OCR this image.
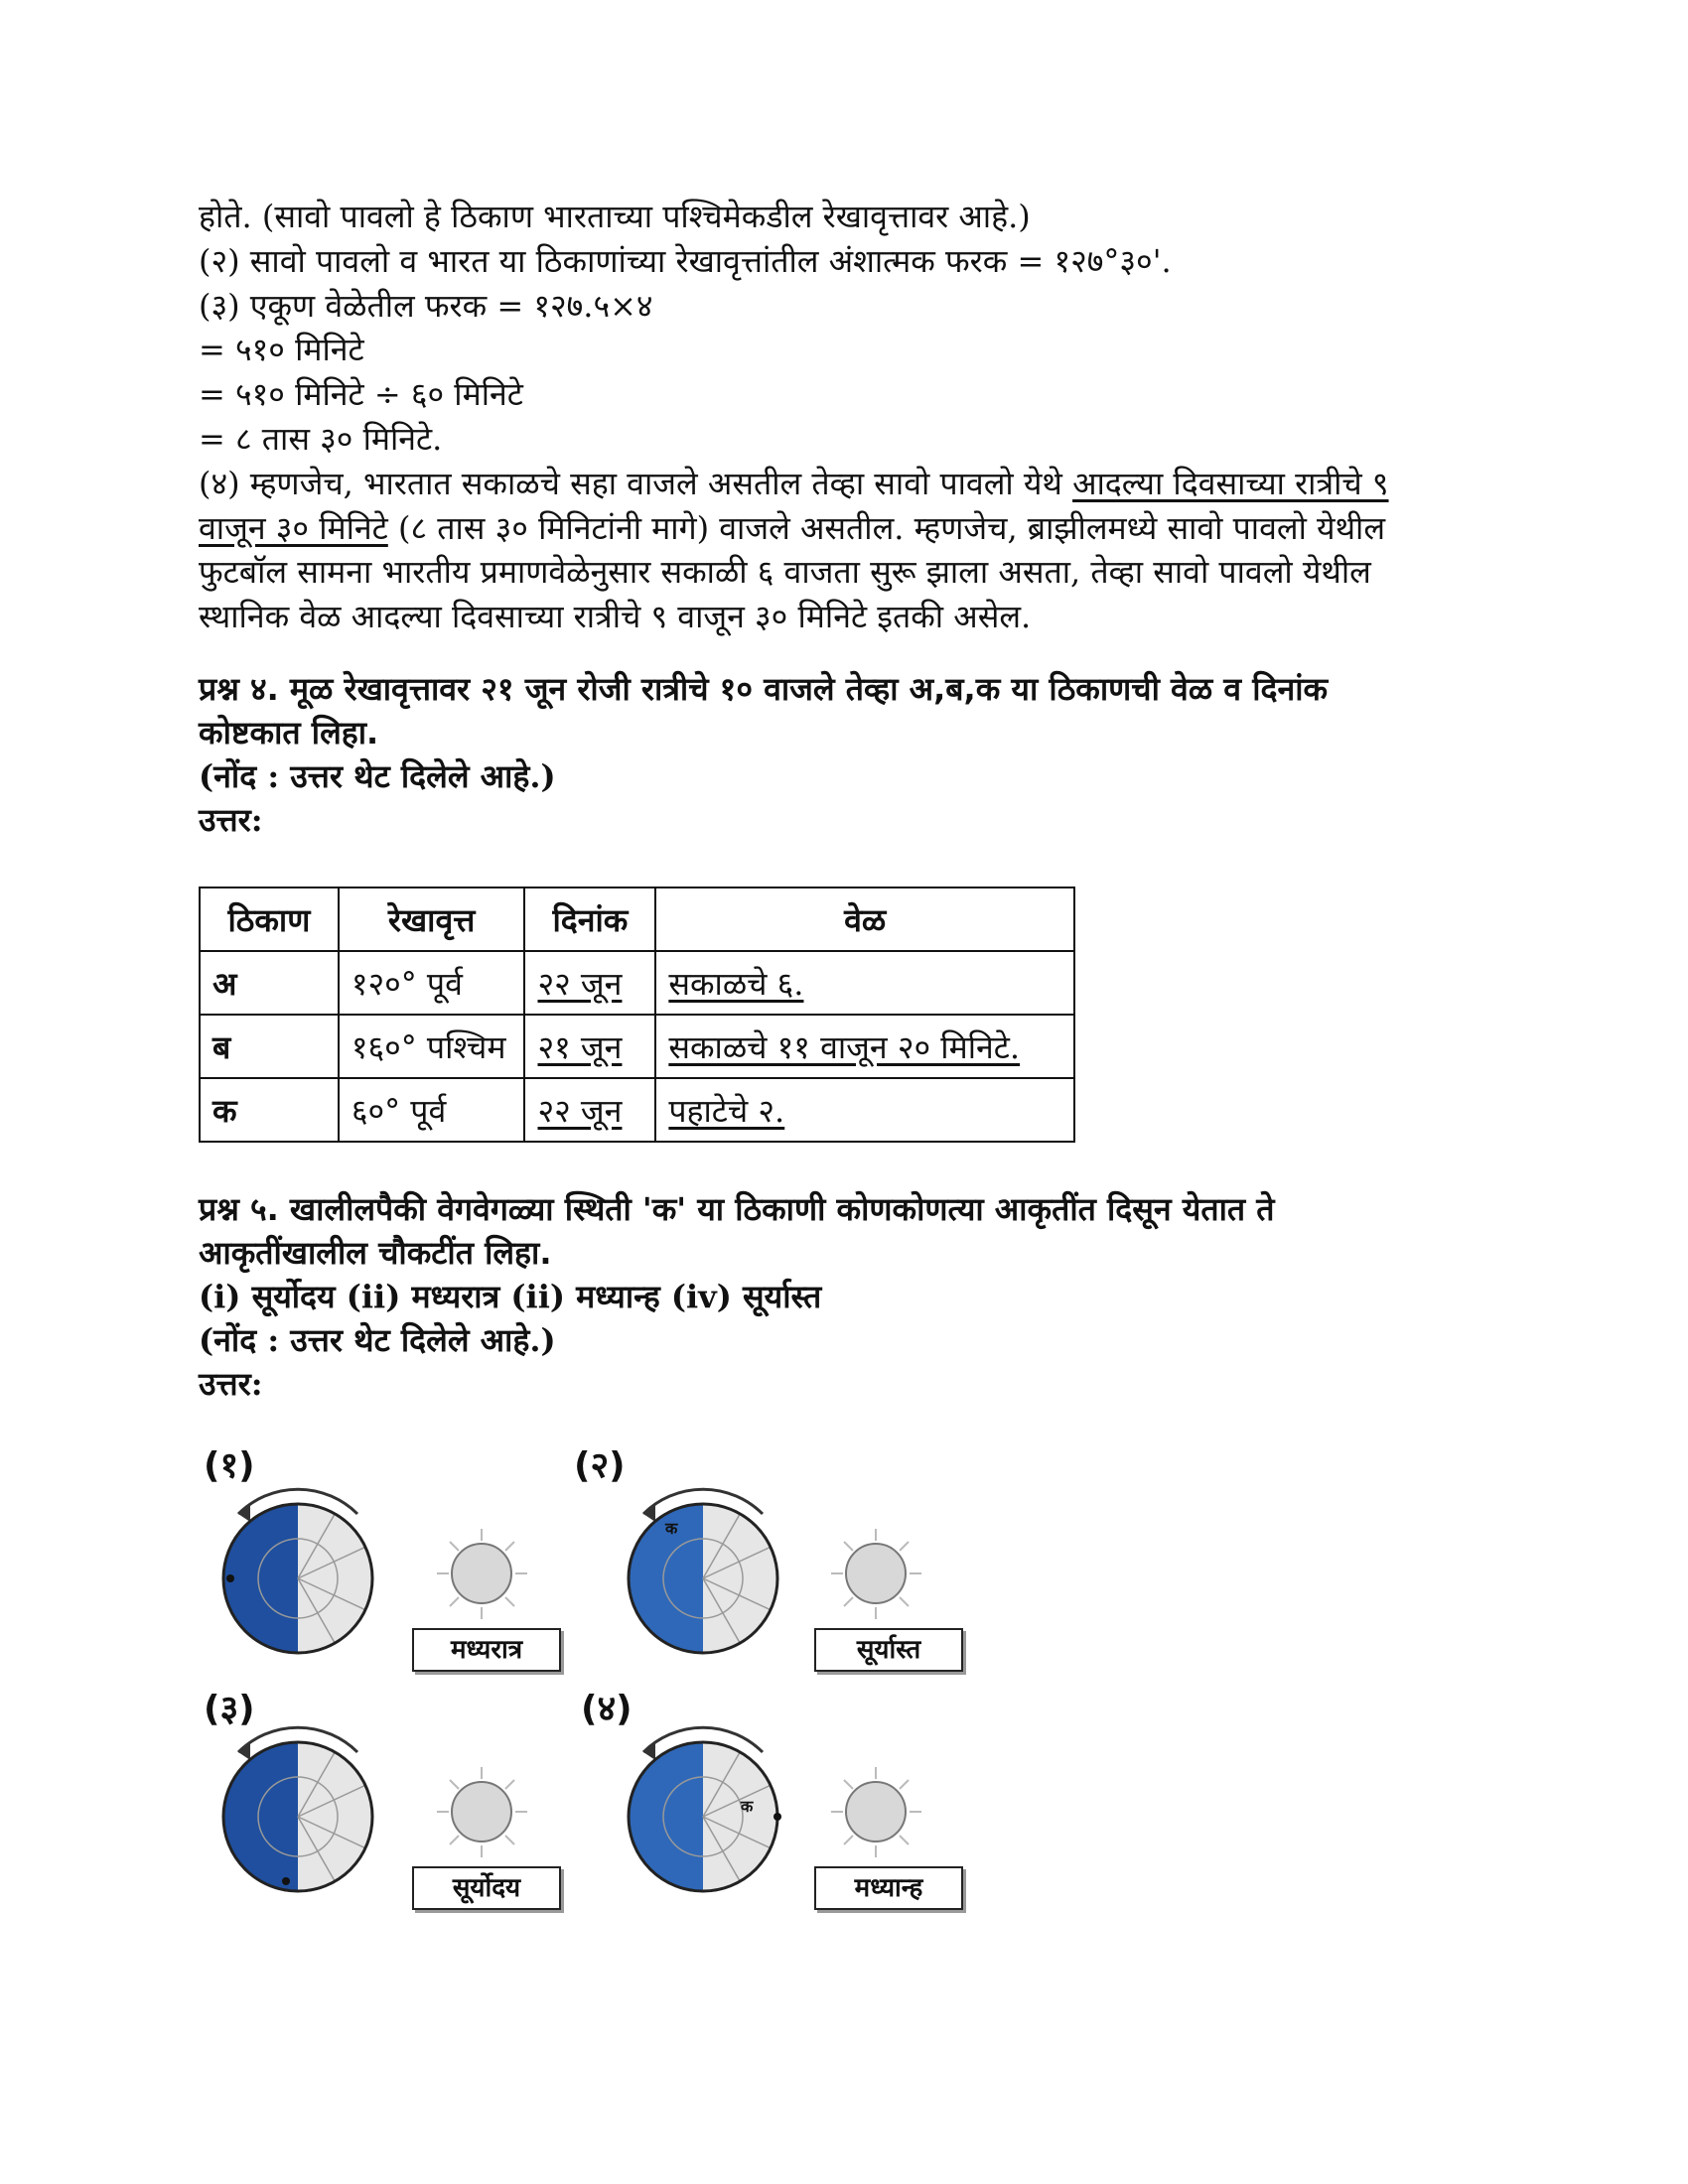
होते. (सावो पावलो हे ठिकाण भारताच्या पश्चिमेकडील रेखावृत्तावर आहे.)
(२) सावो पावलो व भारत या ठिकाणांच्या रेखावृत्तांतील अंशात्मक फरक = १२७°३०'.
(३) एकूण वेळेतील फरक = १२७.५×४
= ५१० मिनिटे
= ५१० मिनिटे ÷ ६० मिनिटे
= ८ तास ३० मिनिटे.
(४) म्हणजेच, भारतात सकाळचे सहा वाजले असतील तेव्हा सावो पावलो येथे आदल्या दिवसाच्या रात्रीचे ९
वाजून ३० मिनिटे (८ तास ३० मिनिटांनी मागे) वाजले असतील. म्हणजेच, ब्राझीलमध्ये सावो पावलो येथील
फुटबॉल सामना भारतीय प्रमाणवेळेनुसार सकाळी ६ वाजता सुरू झाला असता, तेव्हा सावो पावलो येथील
स्थानिक वेळ आदल्या दिवसाच्या रात्रीचे ९ वाजून ३० मिनिटे इतकी असेल.
प्रश्न ४. मूळ रेखावृत्तावर २१ जून रोजी रात्रीचे १० वाजले तेव्हा अ,ब,क या ठिकाणची वेळ व दिनांक
कोष्टकात लिहा.
(नोंद : उत्तर थेट दिलेले आहे.)
उत्तर:
ठिकाण	रेखावृत्त	दिनांक	वेळ
अ	१२०° पूर्व	२२ जून	सकाळचे ६.
ब	१६०° पश्चिम	२१ जून	सकाळचे ११ वाजून २० मिनिटे.
क	६०° पूर्व	२२ जून	पहाटेचे २.
प्रश्न ५. खालीलपैकी वेगवेगळ्या स्थिती 'क' या ठिकाणी कोणकोणत्या आकृतींत दिसून येतात ते
आकृतींखालील चौकटींत लिहा.
(i) सूर्योदय (ii) मध्यरात्र (ii) मध्यान्ह (iv) सूर्यास्त
(नोंद : उत्तर थेट दिलेले आहे.)
उत्तर:
(१)
मध्यरात्र
(२)
क
सूर्यास्त
(३)
सूर्योदय
(४)
क
मध्यान्ह
